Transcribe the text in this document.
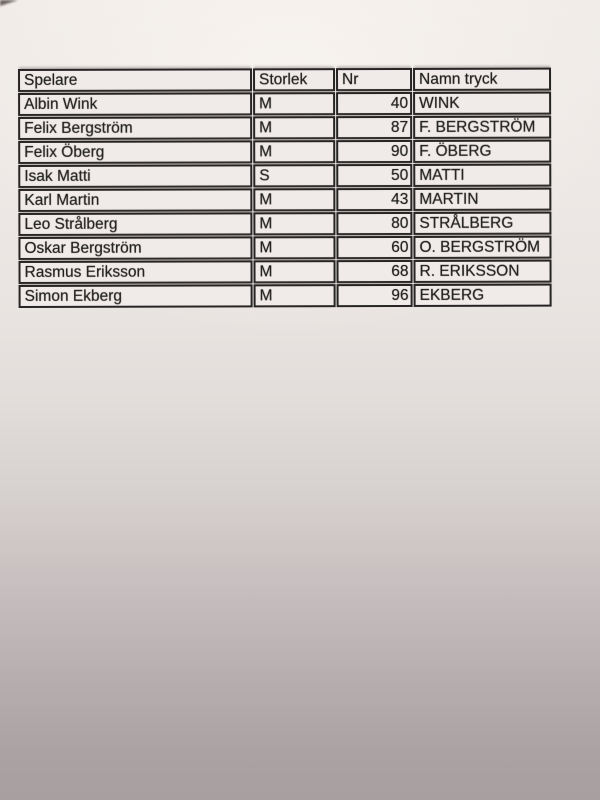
Spelare	Storlek	Nr	Namn tryck
Albin Wink	M	40	WINK
Felix Bergström	M	87	F. BERGSTRÖM
Felix Öberg	M	90	F. ÖBERG
Isak Matti	S	50	MATTI
Karl Martin	M	43	MARTIN
Leo Strålberg	M	80	STRÅLBERG
Oskar Bergström	M	60	O. BERGSTRÖM
Rasmus Eriksson	M	68	R. ERIKSSON
Simon Ekberg	M	96	EKBERG
